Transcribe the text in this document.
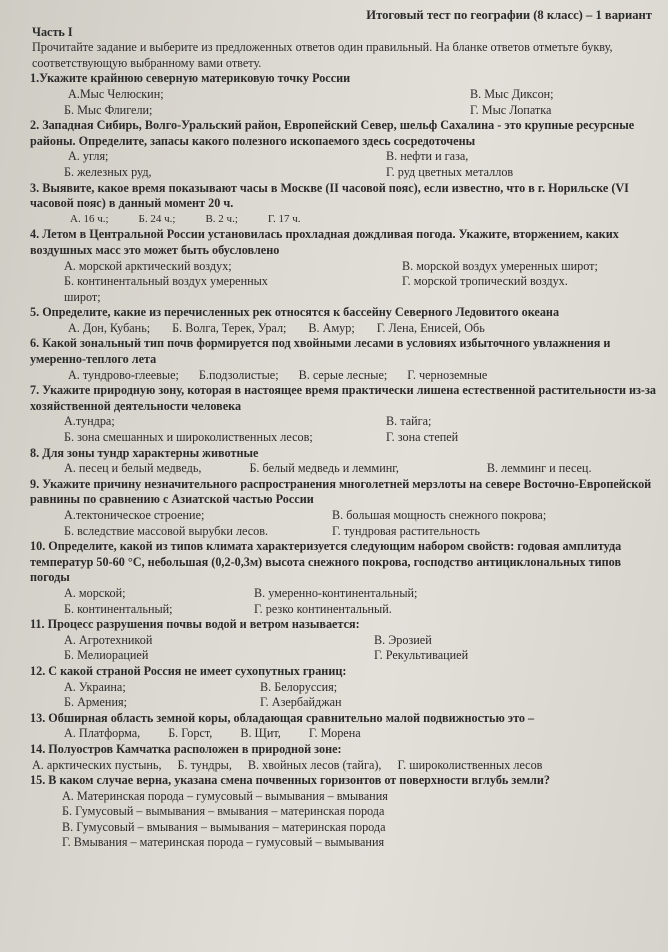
Итоговый тест по географии (8 класс) – 1 вариант
Часть I
Прочитайте задание и выберите из предложенных ответов один правильный. На бланке ответов отметьте букву, соответствующую выбранному вами ответу.
1.Укажите крайнюю северную материковую точку России
А.Мыс Челюскин;	В. Мыс Диксон;
Б. Мыс Флигели;	Г. Мыс Лопатка
2. Западная Сибирь, Волго-Уральский район, Европейский Север, шельф Сахалина - это крупные ресурсные районы. Определите, запасы какого полезного ископаемого здесь сосредоточены
А. угля;	В. нефти и газа,
Б. железных руд,	Г. руд цветных металлов
3. Выявите, какое время показывают часы в Москве (II часовой пояс), если известно, что в г. Норильске (VI часовой пояс) в данный момент 20 ч.
А. 16 ч.;	Б. 24 ч.;	В. 2 ч.;	Г. 17 ч.
4. Летом в Центральной России установилась прохладная дождливая погода. Укажите, вторжением, каких воздушных масс это может быть обусловлено
А. морской арктический воздух;	В. морской воздух умеренных широт;
Б. континентальный воздух умеренных широт;
Г. морской тропический воздух.
5. Определите, какие из перечисленных рек относятся к бассейну Северного Ледовитого океана
А. Дон, Кубань; Б. Волга, Терек, Урал; В. Амур; Г. Лена, Енисей, Обь
6. Какой зональный тип почв формируется под хвойными лесами в условиях избыточного увлажнения и умеренно-теплого лета
А. тундрово-глеевые; Б.подзолистые; В. серые лесные; Г. черноземные
7. Укажите природную зону, которая в настоящее время практически лишена естественной растительности из-за хозяйственной деятельности человека
А.тундра;	В. тайга;
Б. зона смешанных и широколиственных лесов;	Г. зона степей
8. Для зоны тундр характерны животные
А. песец и белый медведь,	Б. белый медведь и лемминг,	В. лемминг и песец.
9. Укажите причину незначительного распространения многолетней мерзлоты на севере Восточно-Европейской равнины по сравнению с Азиатской частью России
А.тектоническое строение;	В. большая мощность снежного покрова;
Б. вследствие массовой вырубки лесов.	Г. тундровая растительность
10. Определите, какой из типов климата характеризуется следующим набором свойств: годовая амплитуда температур 50-60 °С, небольшая (0,2-0,3м) высота снежного покрова, господство антициклональных типов погоды
А. морской;	В. умеренно-континентальный;
Б. континентальный;	Г. резко континентальный.
11. Процесс разрушения почвы водой и ветром называется:
А. Агротехникой	В. Эрозией
Б. Мелиорацией	Г. Рекультивацией
12. С какой страной Россия не имеет сухопутных границ:
А. Украина;	В. Белоруссия;
Б. Армения;	Г. Азербайджан
13. Обширная область земной коры, обладающая сравнительно малой подвижностью это –
А. Платформа, Б. Горст, В. Щит, Г. Морена
14. Полуостров Камчатка расположен в природной зоне:
А. арктических пустынь, Б. тундры, В. хвойных лесов (тайга), Г. широколиственных лесов
15. В каком случае верна, указана смена почвенных горизонтов от поверхности вглубь земли?
А. Материнская порода – гумусовый – вымывания – вмывания
Б. Гумусовый – вымывания – вмывания – материнская порода
В. Гумусовый – вмывания – вымывания – материнская порода
Г. Вмывания – материнская порода – гумусовый – вымывания
